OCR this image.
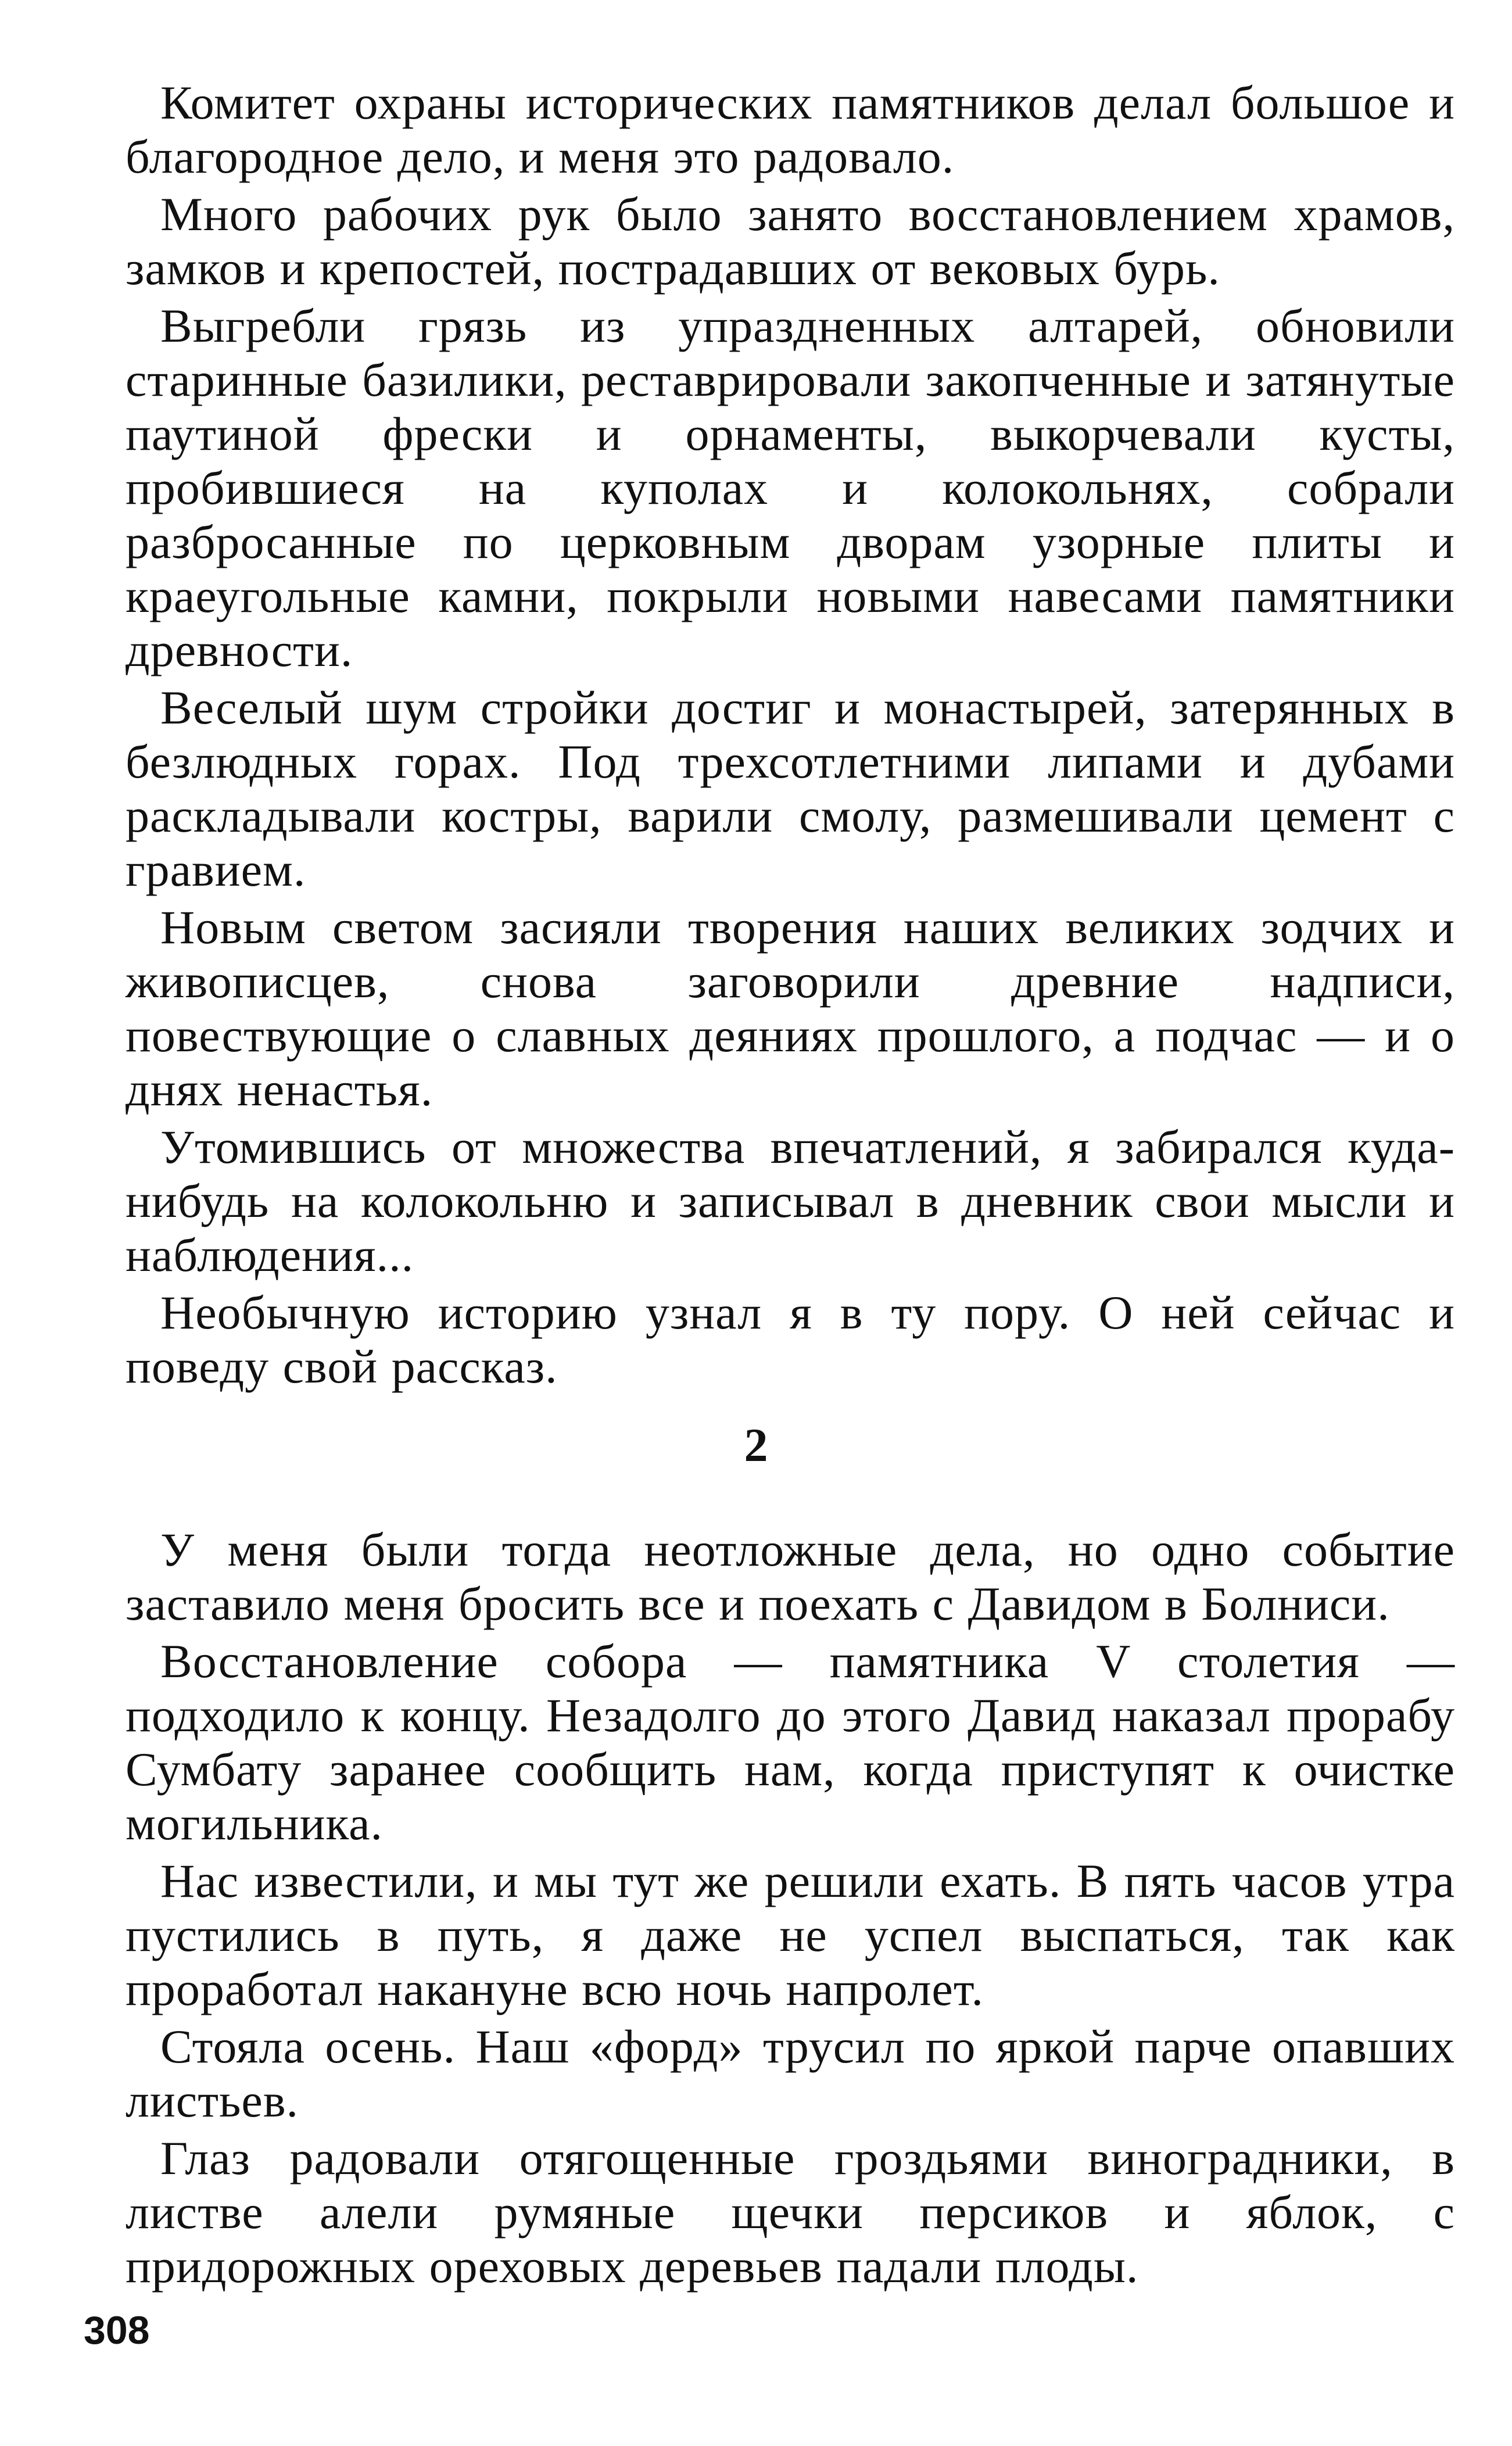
Комитет охраны исторических памятников делал большое и благородное дело, и меня это радовало.

Много рабочих рук было занято восстановлением храмов, замков и крепостей, пострадавших от вековых бурь.

Выгребли грязь из упраздненных алтарей, обновили старинные базилики, реставрировали закопченные и затянутые паутиной фрески и орнаменты, выкорчевали кусты, пробившиеся на куполах и колокольнях, собрали разбросанные по церковным дворам узорные плиты и краеугольные камни, покрыли новыми навесами памятники древности.

Веселый шум стройки достиг и монастырей, затерянных в безлюдных горах. Под трехсотлетними липами и дубами раскладывали костры, варили смолу, размешивали цемент с гравием.

Новым светом засияли творения наших великих зодчих и живописцев, снова заговорили древние надписи, повествующие о славных деяниях прошлого, а подчас — и о днях ненастья.

Утомившись от множества впечатлений, я забирался куда-нибудь на колокольню и записывал в дневник свои мысли и наблюдения...

Необычную историю узнал я в ту пору. О ней сейчас и поведу свой рассказ.

2

У меня были тогда неотложные дела, но одно событие заставило меня бросить все и поехать с Давидом в Болниси.

Восстановление собора — памятника V столетия — подходило к концу. Незадолго до этого Давид наказал прорабу Сумбату заранее сообщить нам, когда приступят к очистке могильника.

Нас известили, и мы тут же решили ехать. В пять часов утра пустились в путь, я даже не успел выспаться, так как проработал накануне всю ночь напролет.

Стояла осень. Наш «форд» трусил по яркой парче опавших листьев.

Глаз радовали отягощенные гроздьями виноградники, в листве алели румяные щечки персиков и яблок, с придорожных ореховых деревьев падали плоды.

308
